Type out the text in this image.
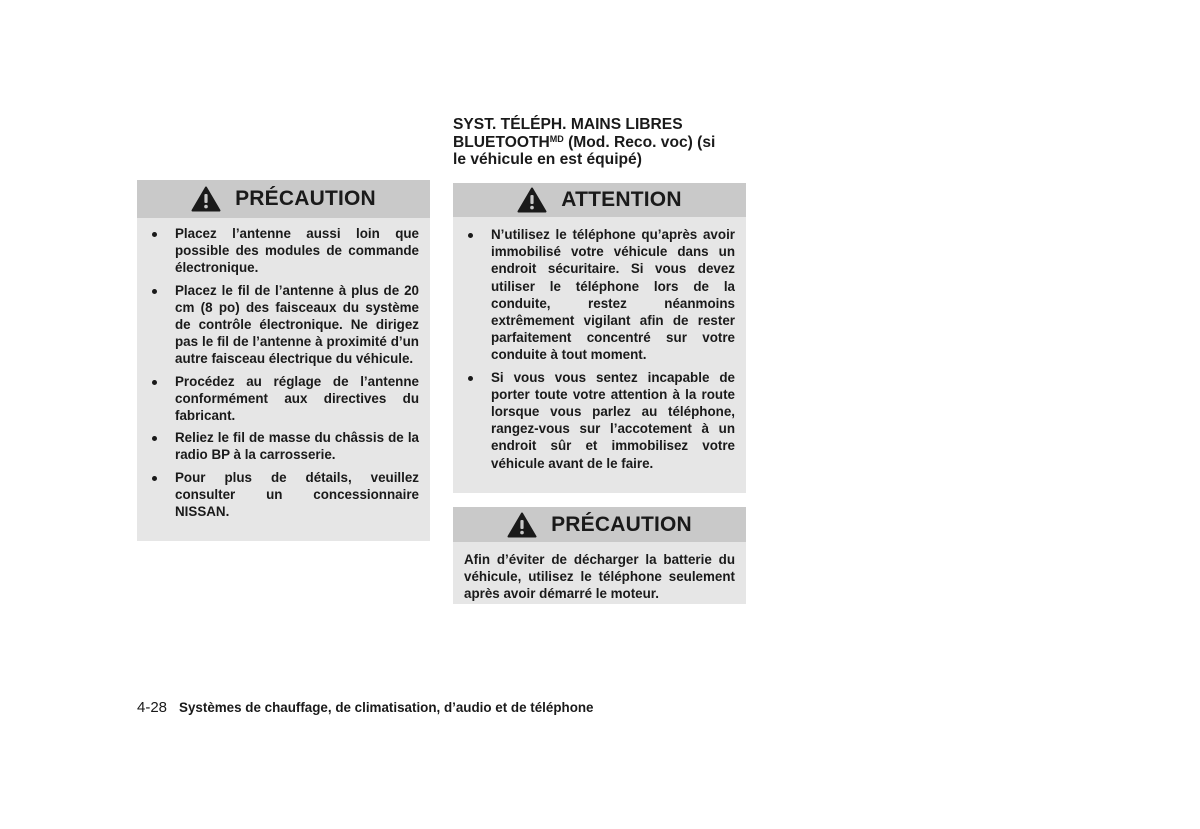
PRÉCAUTION
Placez l’antenne aussi loin que possible des modules de commande électronique.
Placez le fil de l’antenne à plus de 20 cm (8 po) des faisceaux du système de contrôle électronique. Ne dirigez pas le fil de l’antenne à proximité d’un autre faisceau électrique du véhicule.
Procédez au réglage de l’antenne conformément aux directives du fabricant.
Reliez le fil de masse du châssis de la radio BP à la carrosserie.
Pour plus de détails, veuillez consulter un concessionnaire NISSAN.
SYST. TÉLÉPH. MAINS LIBRES
$BLUETOOTH^{MD}$ (Mod. Reco. voc) (si
le véhicule en est équipé)
ATTENTION
N’utilisez le téléphone qu’après avoir immobilisé votre véhicule dans un endroit sécuritaire. Si vous devez utiliser le téléphone lors de la conduite, restez néanmoins extrêmement vigilant afin de rester parfaitement concentré sur votre conduite à tout moment.
Si vous vous sentez incapable de porter toute votre attention à la route lorsque vous parlez au téléphone, rangez-vous sur l’accotement à un endroit sûr et immobilisez votre véhicule avant de le faire.
PRÉCAUTION

Afin d’éviter de décharger la batterie du véhicule, utilisez le téléphone seulement après avoir démarré le moteur.

4-28 Systèmes de chauffage, de climatisation, d’audio et de téléphone
